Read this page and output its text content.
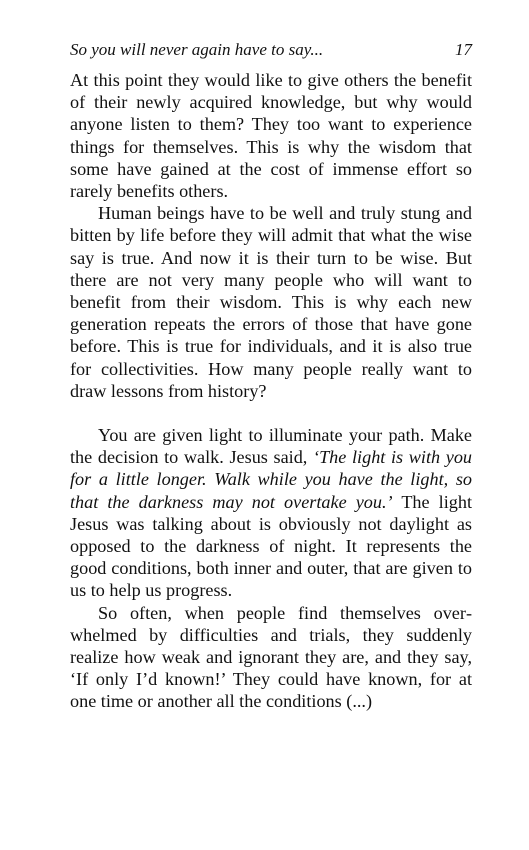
So you will never again have to say...	17

At this point they would like to give others the benefit of their newly acquired knowledge, but why would anyone listen to them? They too want to experience things for themselves. This is why the wisdom that some have gained at the cost of immense effort so rarely benefits others.

Human beings have to be well and truly stung and bitten by life before they will admit that what the wise say is true. And now it is their turn to be wise. But there are not very many people who will want to benefit from their wisdom. This is why each new generation repeats the errors of those that have gone before. This is true for individuals, and it is also true for collectivities. How many people really want to draw lessons from history?

You are given light to illuminate your path. Make the decision to walk. Jesus said, ‘The light is with you for a little longer. Walk while you have the light, so that the darkness may not overtake you.’ The light Jesus was talking about is obviously not daylight as opposed to the darkness of night. It represents the good conditions, both inner and outer, that are given to us to help us progress.

So often, when people find themselves overwhelmed by difficulties and trials, they suddenly realize how weak and ignorant they are, and they say, ‘If only I’d known!’ They could have known, for at one time or another all the conditions (...)
